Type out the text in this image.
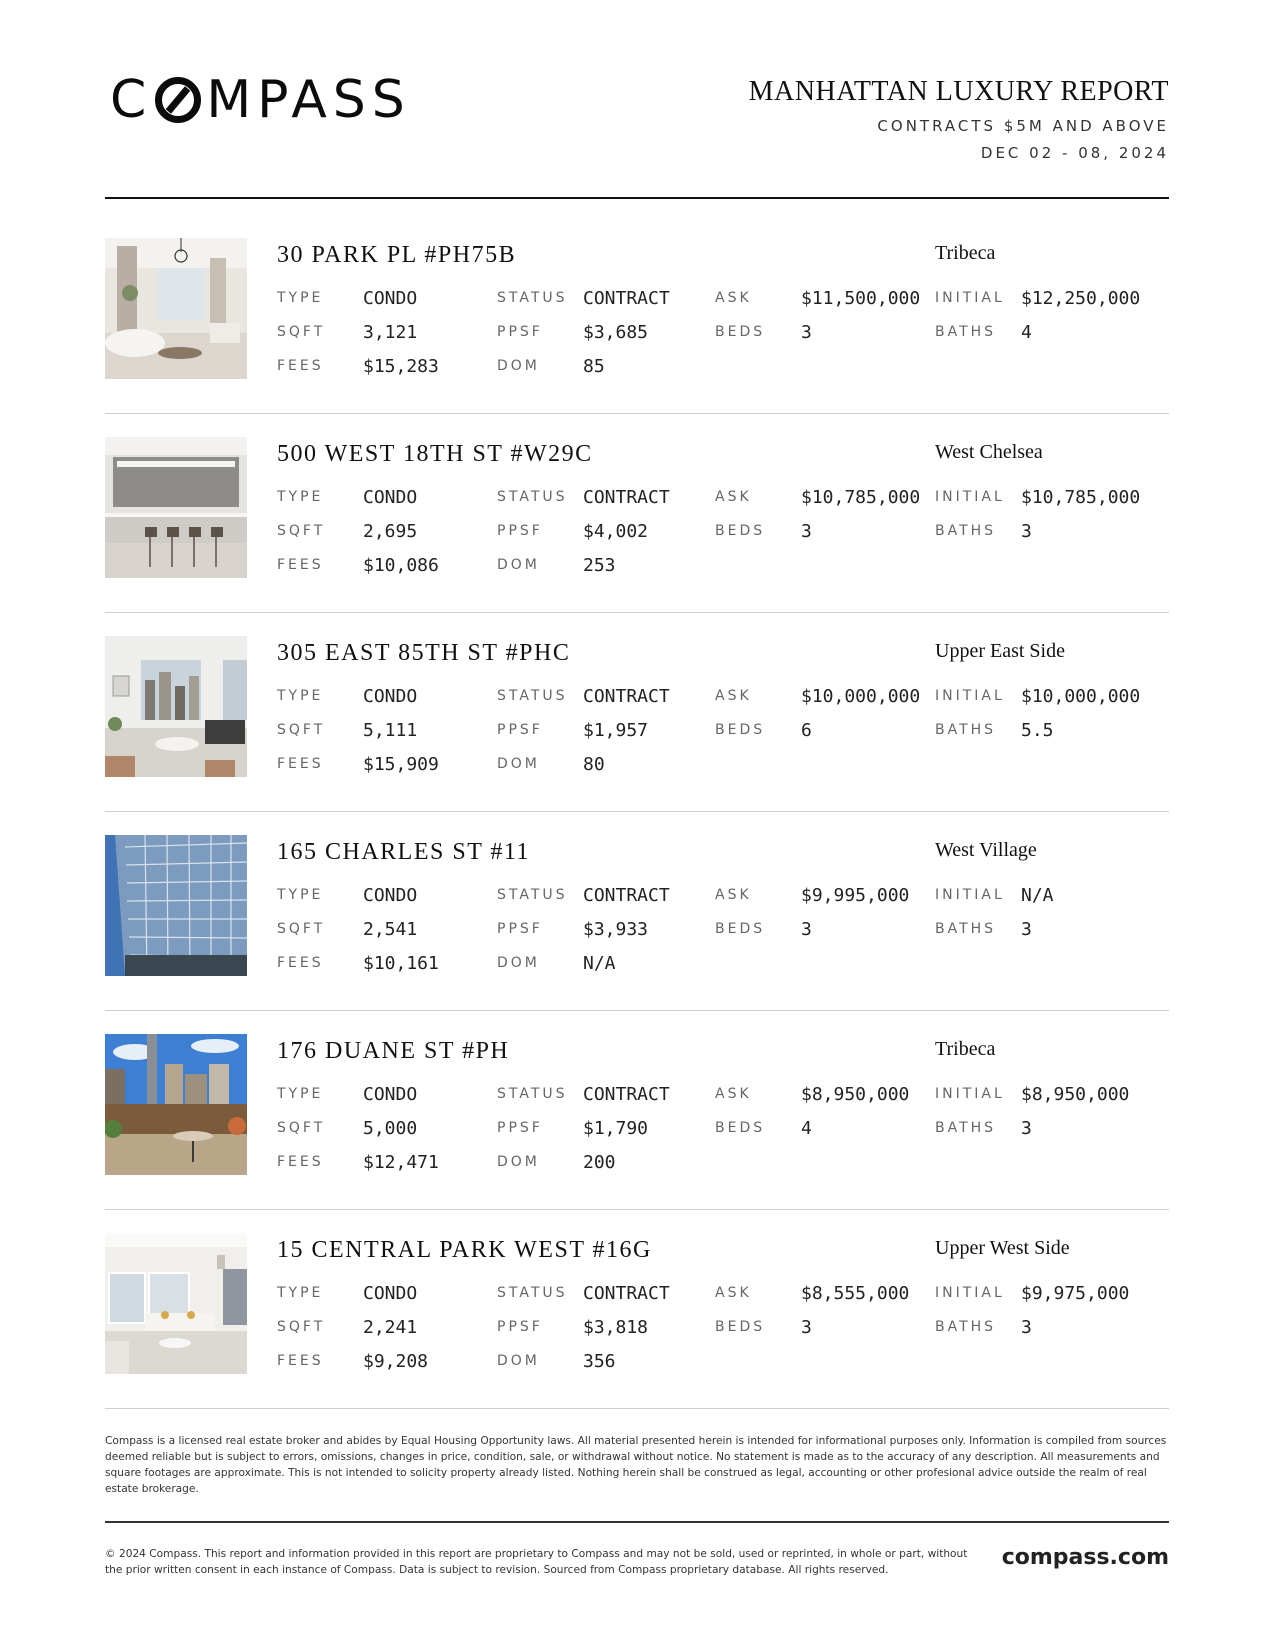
C MPASS	MANHATTAN LUXURY REPORT
CONTRACTS $5M AND ABOVE
DEC 02 - 08, 2024
30 PARK PL #PH75B	Tribeca
TYPE CONDO	STATUS CONTRACT	ASK	$11,500,000 INITIAL $12,250,000
SQFT 3,121	PPSF $3,685	BEDS 3	BATHS 4
FEES $15,283	DOM 85
500 WEST 18TH ST #W29C	West Chelsea
TYPE CONDO	STATUS CONTRACT	ASK	$10,785,000 INITIAL $10,785,000
SQFT 2,695	PPSF $4,002	BEDS 3	BATHS 3
FEES $10,086	DOM 253
305 EAST 85TH ST #PHC	Upper East Side
TYPE CONDO	STATUS CONTRACT	ASK	$10,000,000 INITIAL $10,000,000
SQFT 5,111	PPSF $1,957	BEDS 6	BATHS 5.5
FEES $15,909	DOM 80
165 CHARLES ST #11	West Village
TYPE CONDO	STATUS CONTRACT	ASK	$9,995,000 INITIAL N/A
SQFT 2,541	PPSF $3,933	BEDS 3	BATHS 3
FEES $10,161	DOM N/A
176 DUANE ST #PH	Tribeca
TYPE CONDO	STATUS CONTRACT	ASK	$8,950,000 INITIAL $8,950,000
SQFT 5,000	PPSF $1,790	BEDS 4	BATHS 3
FEES $12,471	DOM 200
15 CENTRAL PARK WEST #16G	Upper West Side
TYPE CONDO	STATUS CONTRACT	ASK	$8,555,000 INITIAL $9,975,000
SQFT 2,241	PPSF $3,818	BEDS 3	BATHS 3
FEES $9,208	DOM 356
Compass is a licensed real estate broker and abides by Equal Housing Opportunity laws. All material presented herein is intended for informational purposes only. Information is compiled from sources deemed reliable but is subject to errors, omissions, changes in price, condition, sale, or withdrawal without notice. No statement is made as to the accuracy of any description. All measurements and square footages are approximate. This is not intended to solicity property already listed. Nothing herein shall be construed as legal, accounting or other profesional advice outside the realm of real estate brokerage.
© 2024 Compass. This report and information provided in this report are proprietary to Compass and may not be sold, used or reprinted, in whole or part, without the prior written consent in each instance of Compass. Data is subject to revision. Sourced from Compass proprietary database. All rights reserved.	compass.com
